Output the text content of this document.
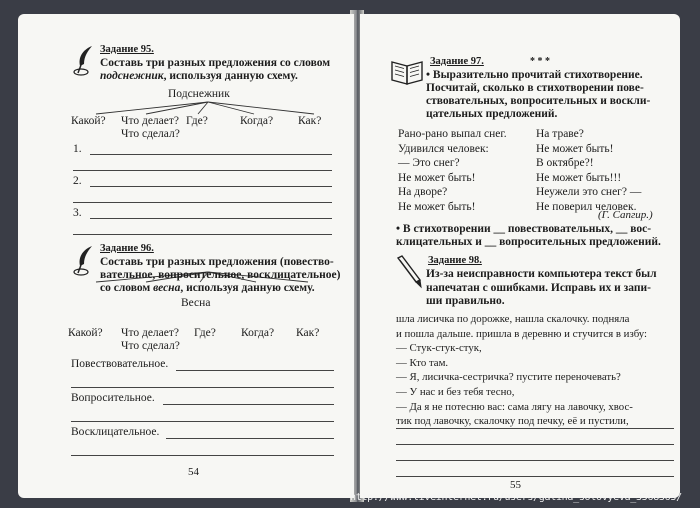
Задание 95.
Составь три разных предложения со словом
подснежник, используя данную схему.
Подснежник
Какой? Что делает? Где?	Когда? Как?
Что сделал?
1.
2.
3.
Задание 96.
Составь три разных предложения (повество-
вательное, вопросительное, восклицательное)
со словом весна, используя данную схему.
Весна
Какой? Что делает? Где? Когда? Как?
Что сделал?
Повествовательное.
Вопросительное.
Восклицательное.
54
Задание 97.	* * *
• Выразительно прочитай стихотворение.
Посчитай, сколько в стихотворении пове-
ствовательных, вопросительных и воскли-
цательных предложений.
Рано-рано выпал снег.
Удивился человек:
— Это снег?
Не может быть!
На дворе?
Не может быть!
На траве?
Не может быть!
В октябре?!
Не может быть!!!
Неужели это снег? —
Не поверил человек.
(Г. Сапгир.)
• В стихотворении __ повествовательных, __ вос-
клицательных и __ вопросительных предложений.
Задание 98.
Из-за неисправности компьютера текст был
напечатан с ошибками. Исправь их и запи-
ши правильно.
шла лисичка по дорожке, нашла скалочку. подняла
и пошла дальше. пришла в деревню и стучится в избу:
— Стук-стук-стук,
— Кто там.
— Я, лисичка-сестричка? пустите переночевать?
— У нас и без тебя тесно,
— Да я не потесню вас: сама лягу на лавочку, хвос-
тик под лавочку, скалочку под печку, её и пустили,
55
http://www.liveinternet.ru/users/galina_solovyeva_3568363/
